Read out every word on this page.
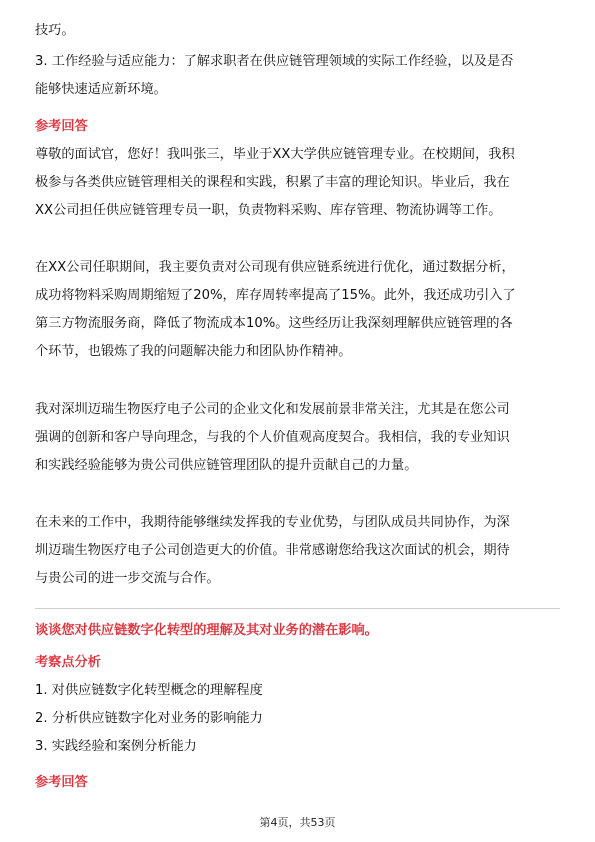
技巧。
3. 工作经验与适应能力：了解求职者在供应链管理领域的实际工作经验，以及是否
能够快速适应新环境。
参考回答
尊敬的面试官，您好！我叫张三，毕业于XX大学供应链管理专业。在校期间，我积
极参与各类供应链管理相关的课程和实践，积累了丰富的理论知识。毕业后，我在
XX公司担任供应链管理专员一职，负责物料采购、库存管理、物流协调等工作。
在XX公司任职期间，我主要负责对公司现有供应链系统进行优化，通过数据分析，
成功将物料采购周期缩短了20%，库存周转率提高了15%。此外，我还成功引入了
第三方物流服务商，降低了物流成本10%。这些经历让我深刻理解供应链管理的各
个环节，也锻炼了我的问题解决能力和团队协作精神。
我对深圳迈瑞生物医疗电子公司的企业文化和发展前景非常关注，尤其是在您公司
强调的创新和客户导向理念，与我的个人价值观高度契合。我相信，我的专业知识
和实践经验能够为贵公司供应链管理团队的提升贡献自己的力量。
在未来的工作中，我期待能够继续发挥我的专业优势，与团队成员共同协作，为深
圳迈瑞生物医疗电子公司创造更大的价值。非常感谢您给我这次面试的机会，期待
与贵公司的进一步交流与合作。
谈谈您对供应链数字化转型的理解及其对业务的潜在影响。
考察点分析
1. 对供应链数字化转型概念的理解程度
2. 分析供应链数字化对业务的影响能力
3. 实践经验和案例分析能力
参考回答
第4页，共53页
